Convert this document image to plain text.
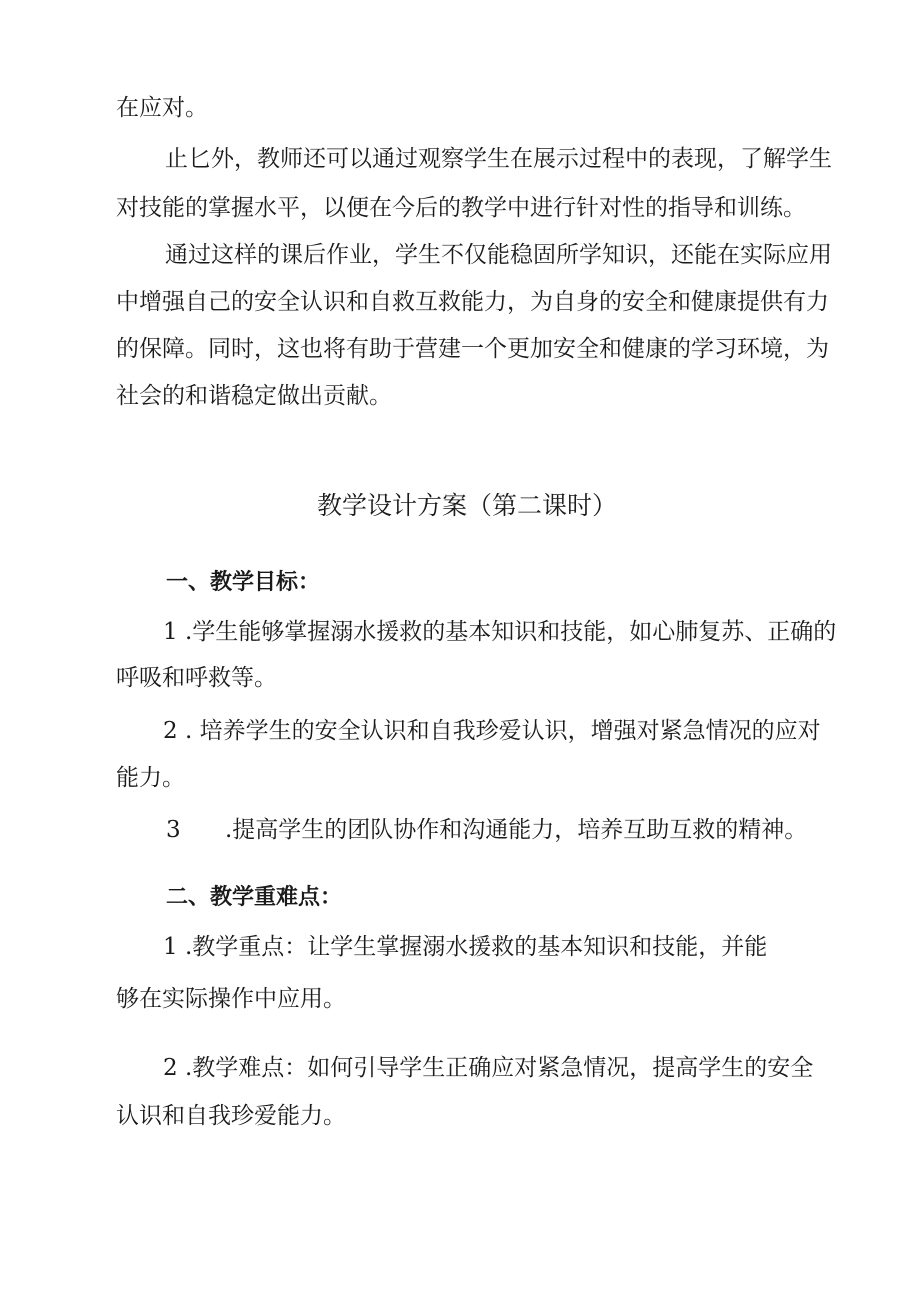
在应对。

止匕外，教师还可以通过观察学生在展示过程中的表现，了解学生

对技能的掌握水平，以便在今后的教学中进行针对性的指导和训练。

通过这样的课后作业，学生不仅能稳固所学知识，还能在实际应用

中增强自己的安全认识和自救互救能力，为自身的安全和健康提供有力

的保障。同时，这也将有助于营建一个更加安全和健康的学习环境，为

社会的和谐稳定做出贡献。

教学设计方案（第二课时）

一、教学目标：

1 .学生能够掌握溺水援救的基本知识和技能，如心肺复苏、正确的

呼吸和呼救等。

2 . 培养学生的安全认识和自我珍爱认识，增强对紧急情况的应对

能力。

3 .提高学生的团队协作和沟通能力，培养互助互救的精神。

二、教学重难点：

1 .教学重点：让学生掌握溺水援救的基本知识和技能，并能

够在实际操作中应用。

2 .教学难点：如何引导学生正确应对紧急情况，提高学生的安全

认识和自我珍爱能力。
